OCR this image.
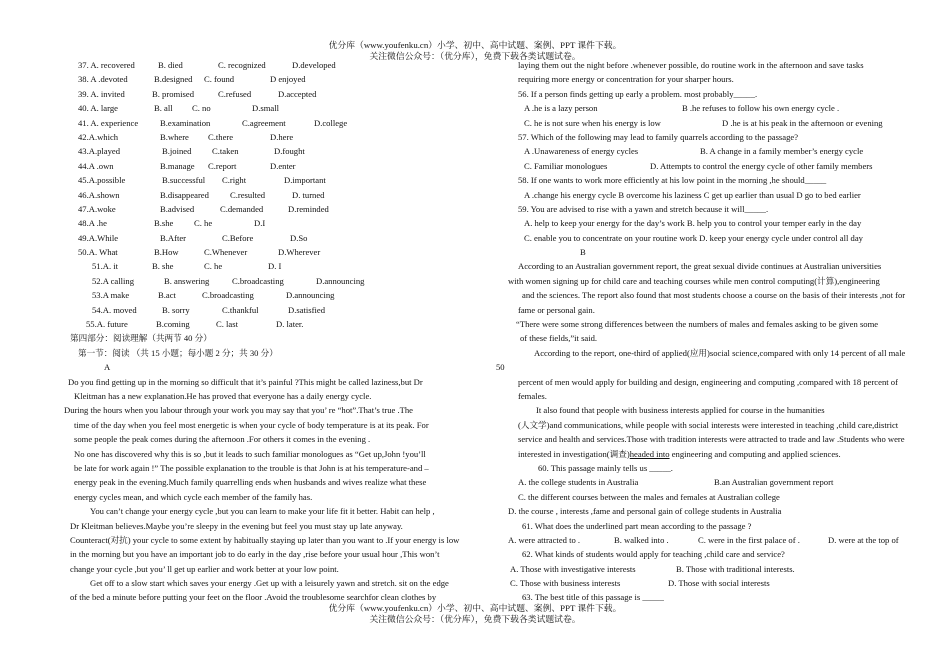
优分库（www.youfenku.cn）小学、初中、高中试题、案例、PPT 课件下载。
关注微信公众号：（优分库），免费下载各类试题试卷。
37. A. recovered	B. died	C. recognized	D.developed
38. A .devoted	B.designed C. found	D enjoyed
39. A. invited	B. promised	C.refused	D.accepted
40. A. large	B. all C. no	D.small
41. A. experience	B.examination	C.agreement	D.college
42.A.which	B.where C.there	D.here
43.A.played	B.joined C.taken	D.fought
44.A .own	B.manage C.report	D.enter
45.A.possible	B.successful C.right	D.important
46.A.shown	B.disappeared C.resulted	D. turned
47.A.woke	B.advised	C.demanded	D.reminded
48.A .he	B.she C. he	D.I
49.A.While	B.After	C.Before	D.So
50.A. What	B.How	C.Whenever	D.Wherever
51.A. it	B. she	C. he	D. I
52.A calling	B. answering	C.broadcasting	D.announcing
53.A make	B.act	C.broadcasting	D.announcing
54.A. moved	B. sorry	C.thankful	D.satisfied
55.A. future	B.coming	C. last	D. later.
第四部分：阅读理解（共两节 40 分）
第一节：阅读 （共 15 小题；每小题 2 分；共 30 分）
A
Do you find getting up in the morning so difficult that it’s painful ?This might be called laziness,but Dr
Kleitman has a new explanation.He has proved that everyone has a daily energy cycle.
During the hours when you labour through your work you may say that you’ re “hot”.That’s true .The
time of the day when you feel most energetic is when your cycle of body temperature is at its peak. For
some people the peak comes during the afternoon .For others it comes in the evening .
No one has discovered why this is so ,but it leads to such familiar monologues as “Get up,John !you’ll
be late for work again !” The possible explanation to the trouble is that John is at his temperature-and –
energy peak in the evening.Much family quarrelling ends when husbands and wives realize what these
energy cycles mean, and which cycle each member of the family has.
You can’t change your energy cycle ,but you can learn to make your life fit it better. Habit can help ,
Dr Kleitman believes.Maybe you’re sleepy in the evening but feel you must stay up late anyway.
Counteract(对抗) your cycle to some extent by habitually staying up later than you want to .If your energy is low
in the morning but you have an important job to do early in the day ,rise before your usual hour ,This won’t
change your cycle ,but you’ ll get up earlier and work better at your low point.
Get off to a slow start which saves your energy .Get up with a leisurely yawn and stretch. sit on the edge
of the bed a minute before putting your feet on the floor .Avoid the troublesome searchfor clean clothes by
50
laying them out the night before .whenever possible, do routine work in the afternoon and save tasks
requiring more energy or concentration for your sharper hours.
56. If a person finds getting up early a problem. most probably_____.
A .he is a lazy person	B .he refuses to follow his own energy cycle .
C. he is not sure when his energy is low	D .he is at his peak in the afternoon or evening
57. Which of the following may lead to family quarrels according to the passage?
A .Unawareness of energy cycles	B. A change in a family member’s energy cycle
C. Familiar monologues	D. Attempts to control the energy cycle of other family members
58. If one wants to work more efficiently at his low point in the morning ,he should_____
A .change his energy cycle B overcome his laziness C get up earlier than usual D go to bed earlier
59. You are advised to rise with a yawn and stretch because it will_____.
A. help to keep your energy for the day’s work B. help you to control your temper early in the day
C. enable you to concentrate on your routine work D. keep your energy cycle under control all day
B
According to an Australian government report, the great sexual divide continues at Australian universities
with women signing up for child care and teaching courses while men control computing(计算),engineering
and the sciences. The report also found that most students choose a course on the basis of their interests ,not for
fame or personal gain.
“There were some strong differences between the numbers of males and females asking to be given some
of these fields,”it said.
According to the report, one-third of applied(应用)social science,compared with only 14 percent of all male
percent of men would apply for building and design, engineering and computing ,compared with 18 percent of
females.
It also found that people with business interests applied for course in the humanities
(人文学)and communications, while people with social interests were interested in teaching ,child care,district
service and health and services.Those with tradition interests were attracted to trade and law .Students who were
interested in investigation(调查)headed into engineering and computing and applied sciences.
60. This passage mainly tells us _____.
A. the college students in Australia	B.an Australian government report
C. the different courses between the males and females at Australian college
D. the course , interests ,fame and personal gain of college students in Australia
61. What does the underlined part mean according to the passage ?
A. were attracted to .	B. walked into .	C. were in the first palace of .	D. were at the top of
62. What kinds of students would apply for teaching ,child care and service?
A. Those with investigative interests	B. Those with traditional interests.
C. Those with business interests	D. Those with social interests
63. The best title of this passage is _____
优分库（www.youfenku.cn）小学、初中、高中试题、案例、PPT 课件下载。
关注微信公众号：（优分库），免费下载各类试题试卷。
